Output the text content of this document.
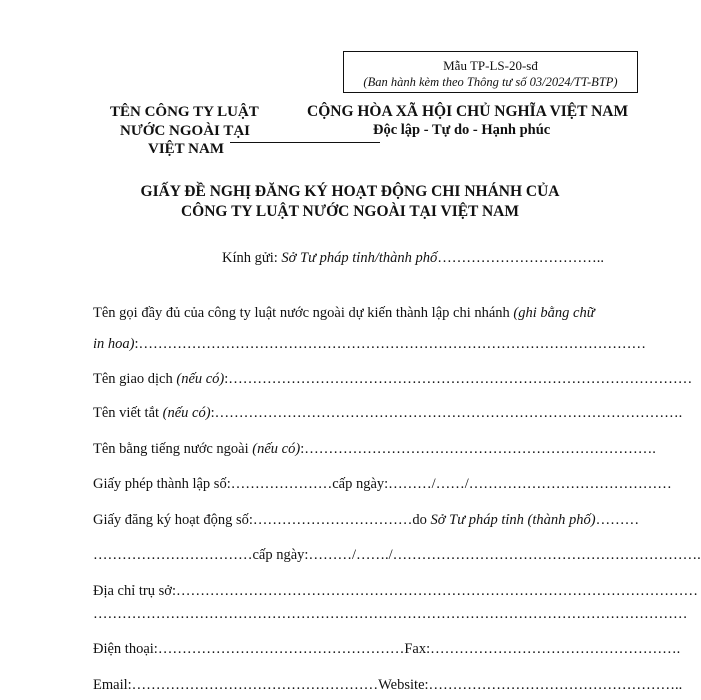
Mẫu TP-LS-20-sđ
(Ban hành kèm theo Thông tư số 03/2024/TT-BTP)
TÊN CÔNG TY LUẬT
NƯỚC NGOÀI TẠI
VIỆT NAM
CỘNG HÒA XÃ HỘI CHỦ NGHĨA VIỆT NAM
Độc lập - Tự do - Hạnh phúc
GIẤY ĐỀ NGHỊ ĐĂNG KÝ HOẠT ĐỘNG CHI NHÁNH CỦA
CÔNG TY LUẬT NƯỚC NGOÀI TẠI VIỆT NAM
Kính gửi: Sở Tư pháp tỉnh/thành phố……………………………..
Tên gọi đầy đủ của công ty luật nước ngoài dự kiến thành lập chi nhánh (ghi bằng chữ
in hoa):……………………………………………………………………………………………
Tên giao dịch (nếu có):……………………………………………………………………………………
Tên viết tắt (nếu có):…………………………………………………………………………………….
Tên bằng tiếng nước ngoài (nếu có):……………………………………………………………….
Giấy phép thành lập số:…………………cấp ngày:………/……/……………………………………
Giấy đăng ký hoạt động số:……………………………do Sở Tư pháp tỉnh (thành phố)………
……………………………cấp ngày:………/……./……………………………………………………….
Địa chỉ trụ sở:………………………………………………………………………………………………
……………………………………………………………………………………………………………
Điện thoại:……………………………………………Fax:…………………………………………….
Email:……………………………………………Website:……………………………………………..
